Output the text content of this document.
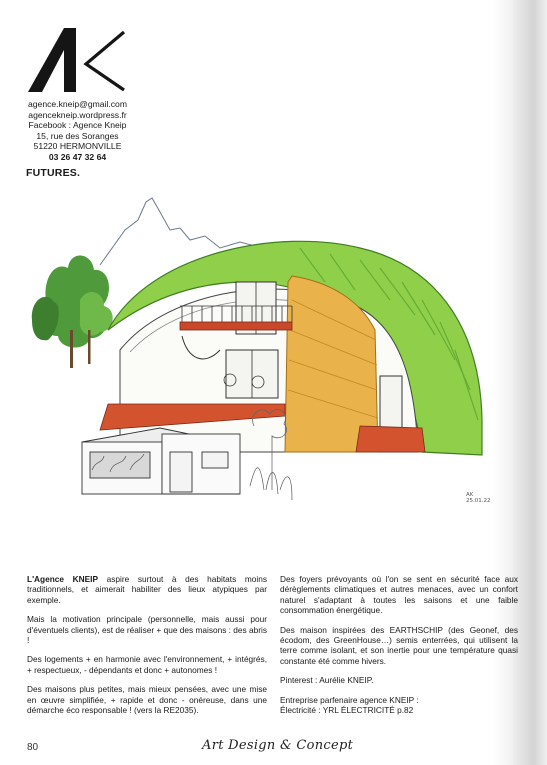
agence.kneip@gmail.com
agencekneip.wordpress.fr
Facebook : Agence Kneip
15, rue des Soranges
51220 HERMONVILLE
03 26 47 32 64
FUTURES.
AK
25.01.22

L'Agence KNEIP aspire surtout à des habitats moins traditionnels, et aimerait habiliter des lieux atypiques par exemple.

Mais la motivation principale (personnelle, mais aussi pour d'éventuels clients), est de réaliser + que des maisons : des abris !

Des logements + en harmonie avec l'environnement, + intégrés, + respectueux, - dépendants et donc + autonomes !

Des maisons plus petites, mais mieux pensées, avec une mise en œuvre simplifiée, + rapide et donc - onéreuse, dans une démarche éco responsable ! (vers la RE2035).

Des foyers prévoyants où l'on se sent en sécurité face aux dérèglements climatiques et autres menaces, avec un confort naturel s'adaptant à toutes les saisons et une faible consommation énergétique.

Des maison inspirées des EARTHSCHIP (des Geonef, des écodom, des GreenHouse…) semis enterrées, qui utilisent la terre comme isolant, et son inertie pour une température quasi constante été comme hivers.

Pinterest : Aurélie KNEIP.

Entreprise parfenaire agence KNEIP :

Électricité : YRL ÉLECTRICITÉ p.82

80	Art Design & Concept
